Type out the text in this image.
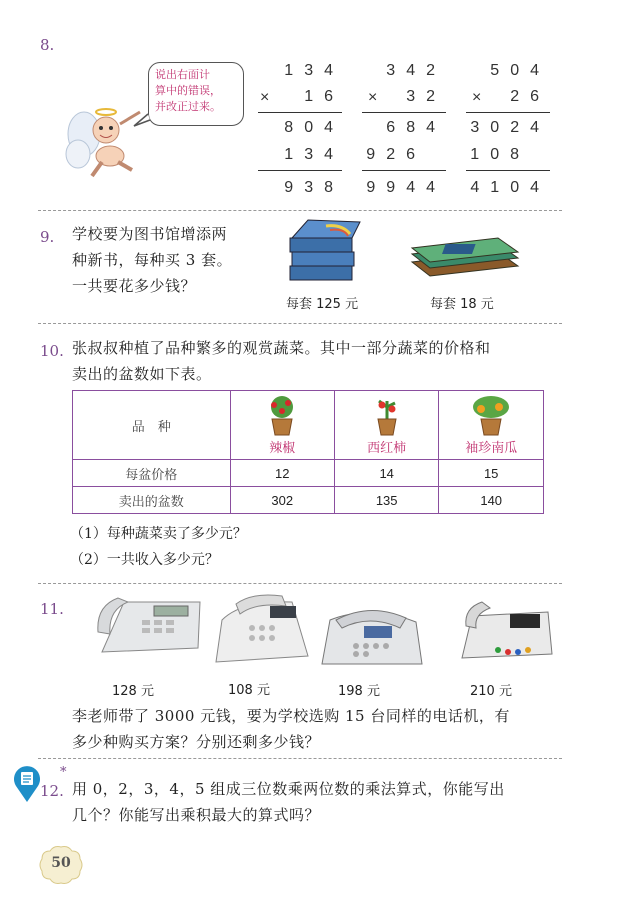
8.
说出右面计
算中的错误，
并改正过来。
134
×	16
804
134
938
342
×	32
684
926
9944
504
×	26
3024
108
4104
9. 学校要为图书馆增添两
种新书，每种买 3 套。
一共要花多少钱？
每套 125 元	每套 18 元
10. 张叔叔种植了品种繁多的观赏蔬菜。其中一部分蔬菜的价格和
卖出的盆数如下表。
品　种	辣椒	西红柿	袖珍南瓜

每盆价格	12	14	15
卖出的盆数	302	135	140
（1）每种蔬菜卖了多少元？
（2）一共收入多少元？
11.
128 元	108 元	198 元	210 元
李老师带了 3000 元钱，要为学校选购 15 台同样的电话机，有
多少种购买方案？分别还剩多少钱？
*
12. 用 0，2，3，4，5 组成三位数乘两位数的乘法算式，你能写出
几个？你能写出乘积最大的算式吗？
50
